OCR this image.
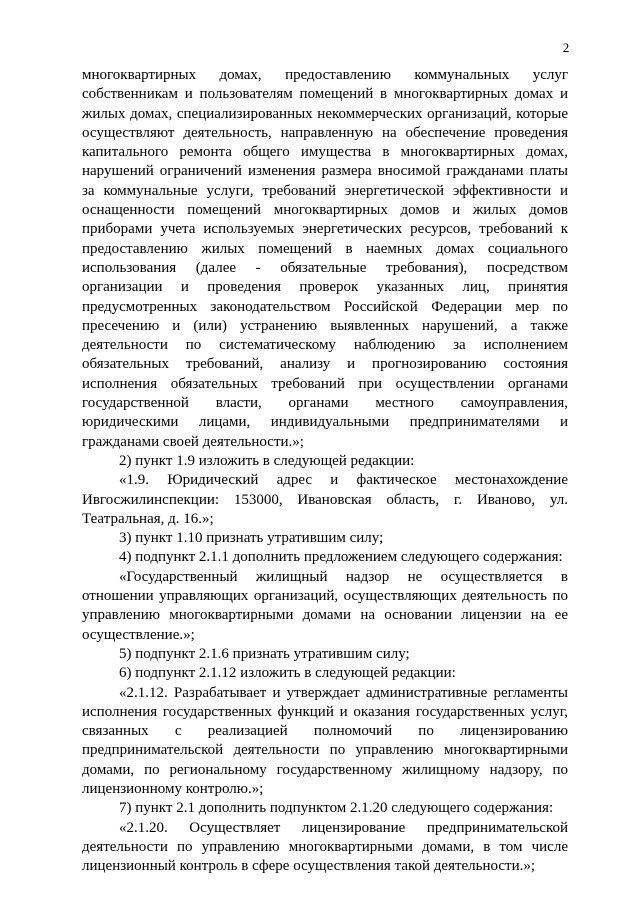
2

многоквартирных домах, предоставлению коммунальных услуг собственникам и пользователям помещений в многоквартирных домах и жилых домах, специализированных некоммерческих организаций, которые осуществляют деятельность, направленную на обеспечение проведения капитального ремонта общего имущества в многоквартирных домах, нарушений ограничений изменения размера вносимой гражданами платы за коммунальные услуги, требований энергетической эффективности и оснащенности помещений многоквартирных домов и жилых домов приборами учета используемых энергетических ресурсов, требований к предоставлению жилых помещений в наемных домах социального использования (далее - обязательные требования), посредством организации и проведения проверок указанных лиц, принятия предусмотренных законодательством Российской Федерации мер по пресечению и (или) устранению выявленных нарушений, а также деятельности по систематическому наблюдению за исполнением обязательных требований, анализу и прогнозированию состояния исполнения обязательных требований при осуществлении органами государственной власти, органами местного самоуправления, юридическими лицами, индивидуальными предпринимателями и гражданами своей деятельности.»;

2) пункт 1.9 изложить в следующей редакции:

«1.9. Юридический адрес и фактическое местонахождение Ивгосжилинспекции: 153000, Ивановская область, г. Иваново, ул. Театральная, д. 16.»;

3) пункт 1.10 признать утратившим силу;

4) подпункт 2.1.1 дополнить предложением следующего содержания:

«Государственный жилищный надзор не осуществляется в отношении управляющих организаций, осуществляющих деятельность по управлению многоквартирными домами на основании лицензии на ее осуществление.»;

5) подпункт 2.1.6 признать утратившим силу;

6) подпункт 2.1.12 изложить в следующей редакции:

«2.1.12. Разрабатывает и утверждает административные регламенты исполнения государственных функций и оказания государственных услуг, связанных с реализацией полномочий по лицензированию предпринимательской деятельности по управлению многоквартирными домами, по региональному государственному жилищному надзору, по лицензионному контролю.»;

7) пункт 2.1 дополнить подпунктом 2.1.20 следующего содержания:

«2.1.20. Осуществляет лицензирование предпринимательской деятельности по управлению многоквартирными домами, в том числе лицензионный контроль в сфере осуществления такой деятельности.»;
